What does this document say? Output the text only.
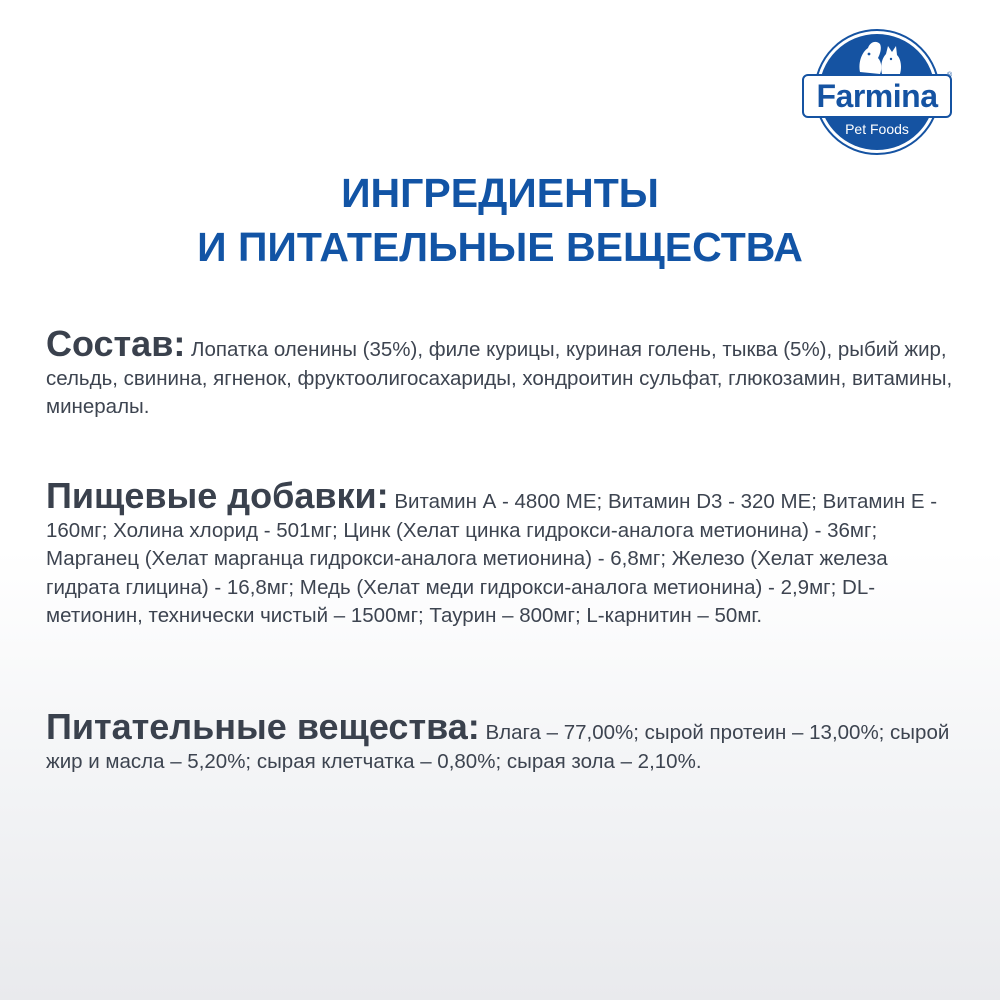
Farmina
®
Pet Foods
ИНГРЕДИЕНТЫ
И ПИТАТЕЛЬНЫЕ ВЕЩЕСТВА
Состав: Лопатка оленины (35%), филе курицы, куриная голень, тыква (5%), рыбий жир, сельдь, свинина, ягненок, фруктоолигосахариды, хондроитин сульфат, глюкозамин, витамины, минералы.
Пищевые добавки: Витамин А - 4800 МЕ; Витамин D3 - 320 МЕ; Витамин Е - 160мг; Холина хлорид - 501мг; Цинк (Хелат цинка гидрокси-аналога метионина) - 36мг; Марганец (Хелат марганца гидрокси-аналога метионина) - 6,8мг; Железо (Хелат железа гидрата глицина) - 16,8мг; Медь (Хелат меди гидрокси-аналога метионина) - 2,9мг; DL-метионин, технически чистый – 1500мг; Таурин – 800мг; L-карнитин – 50мг.
Питательные вещества: Влага – 77,00%; сырой протеин – 13,00%; сырой жир и масла – 5,20%; сырая клетчатка – 0,80%; сырая зола – 2,10%.
